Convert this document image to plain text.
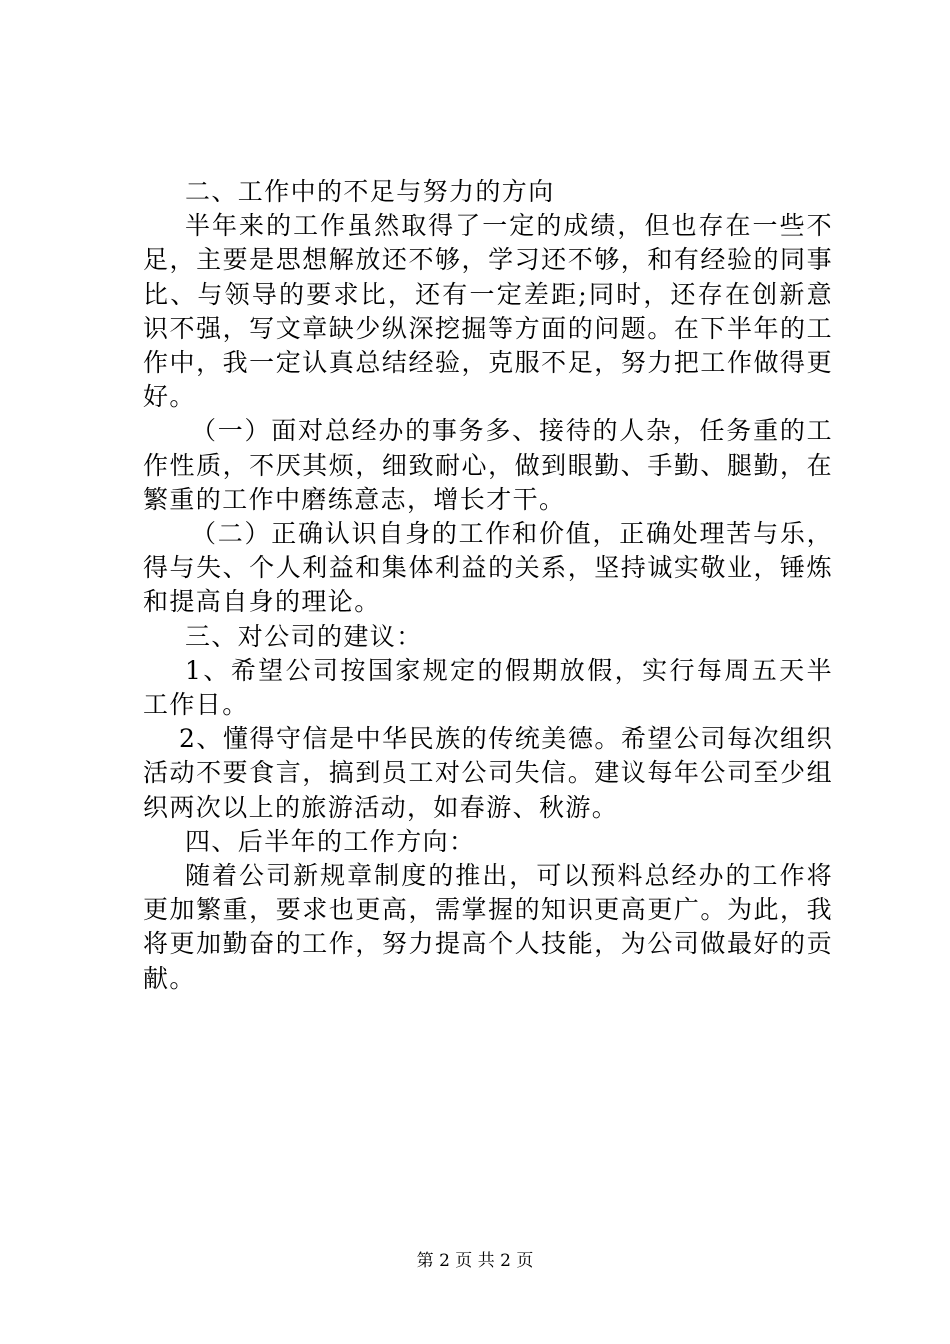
二、工作中的不足与努力的方向

半年来的工作虽然取得了一定的成绩，但也存在一些不足，主要是思想解放还不够，学习还不够，和有经验的同事比、与领导的要求比，还有一定差距;同时，还存在创新意识不强，写文章缺少纵深挖掘等方面的问题。在下半年的工作中，我一定认真总结经验，克服不足，努力把工作做得更好。

（一）面对总经办的事务多、接待的人杂，任务重的工作性质，不厌其烦，细致耐心，做到眼勤、手勤、腿勤，在繁重的工作中磨练意志，增长才干。

（二）正确认识自身的工作和价值，正确处理苦与乐，得与失、个人利益和集体利益的关系，坚持诚实敬业，锤炼和提高自身的理论。

三、对公司的建议：

1、希望公司按国家规定的假期放假，实行每周五天半工作日。

2、懂得守信是中华民族的传统美德。希望公司每次组织活动不要食言，搞到员工对公司失信。建议每年公司至少组织两次以上的旅游活动，如春游、秋游。

四、后半年的工作方向：

随着公司新规章制度的推出，可以预料总经办的工作将更加繁重，要求也更高，需掌握的知识更高更广。为此，我将更加勤奋的工作，努力提高个人技能，为公司做最好的贡献。

第 2 页 共 2 页
